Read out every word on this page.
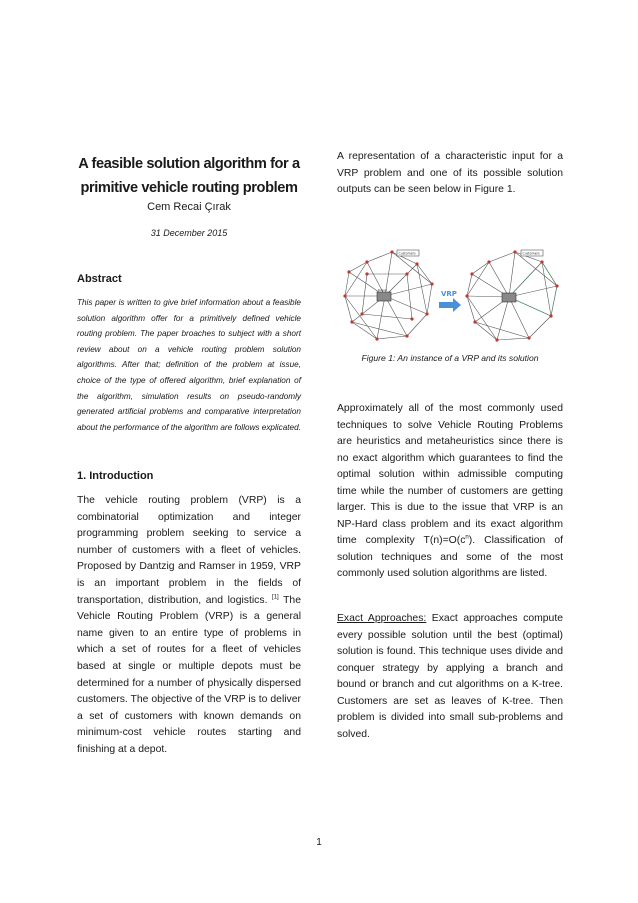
A feasible solution algorithm for a primitive vehicle routing problem
Cem Recai Çırak
31 December 2015
Abstract
This paper is written to give brief information about a feasible solution algorithm offer for a primitively defined vehicle routing problem. The paper broaches to subject with a short review about on a vehicle routing problem solution algorithms. After that; definition of the problem at issue, choice of the type of offered algorithm, brief explanation of the algorithm, simulation results on pseudo-randomly generated artificial problems and comparative interpretation about the performance of the algorithm are follows explicated.
1. Introduction
The vehicle routing problem (VRP) is a combinatorial optimization and integer programming problem seeking to service a number of customers with a fleet of vehicles. Proposed by Dantzig and Ramser in 1959, VRP is an important problem in the fields of transportation, distribution, and logistics. [1] The Vehicle Routing Problem (VRP) is a general name given to an entire type of problems in which a set of routes for a fleet of vehicles based at single or multiple depots must be determined for a number of physically dispersed customers. The objective of the VRP is to deliver a set of customers with known demands on minimum-cost vehicle routes starting and finishing at a depot.
A representation of a characteristic input for a VRP problem and one of its possible solution outputs can be seen below in Figure 1.
Depot
Customers
VRP
Customers
Figure 1: An instance of a VRP and its solution
Approximately all of the most commonly used techniques to solve Vehicle Routing Problems are heuristics and metaheuristics since there is no exact algorithm which guarantees to find the optimal solution within admissible computing time while the number of customers are getting larger. This is due to the issue that VRP is an NP-Hard class problem and its exact algorithm time complexity $T(n)=O(c^n)$. Classification of solution techniques and some of the most commonly used solution algorithms are listed.
Exact Approaches: Exact approaches compute every possible solution until the best (optimal) solution is found. This technique uses divide and conquer strategy by applying a branch and bound or branch and cut algorithms on a K-tree. Customers are set as leaves of K-tree. Then problem is divided into small sub-problems and solved.
1
